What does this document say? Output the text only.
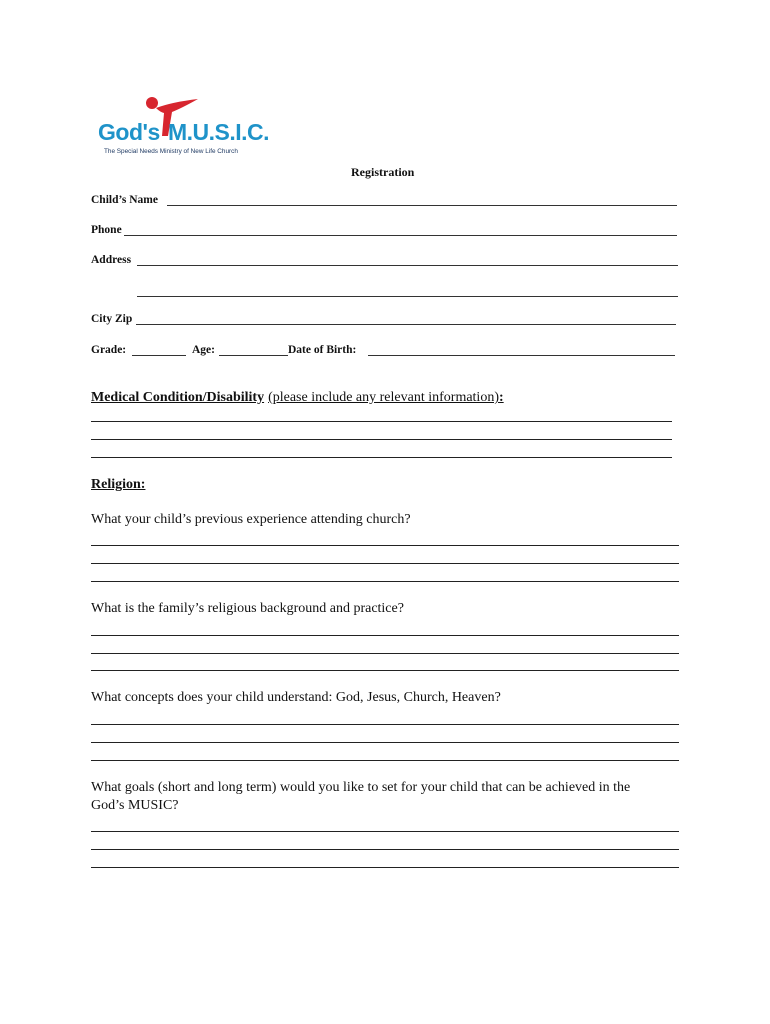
God's M.U.S.I.C.
The Special Needs Ministry of New Life Church
Registration
Child’s Name
Phone
Address
City Zip
Grade:	Age:	Date of Birth:
Medical Condition/Disability (please include any relevant information):
Religion:
What your child’s previous experience attending church?
What is the family’s religious background and practice?
What concepts does your child understand: God, Jesus, Church, Heaven?
What goals (short and long term) would you like to set for your child that can be achieved in the
God’s MUSIC?
